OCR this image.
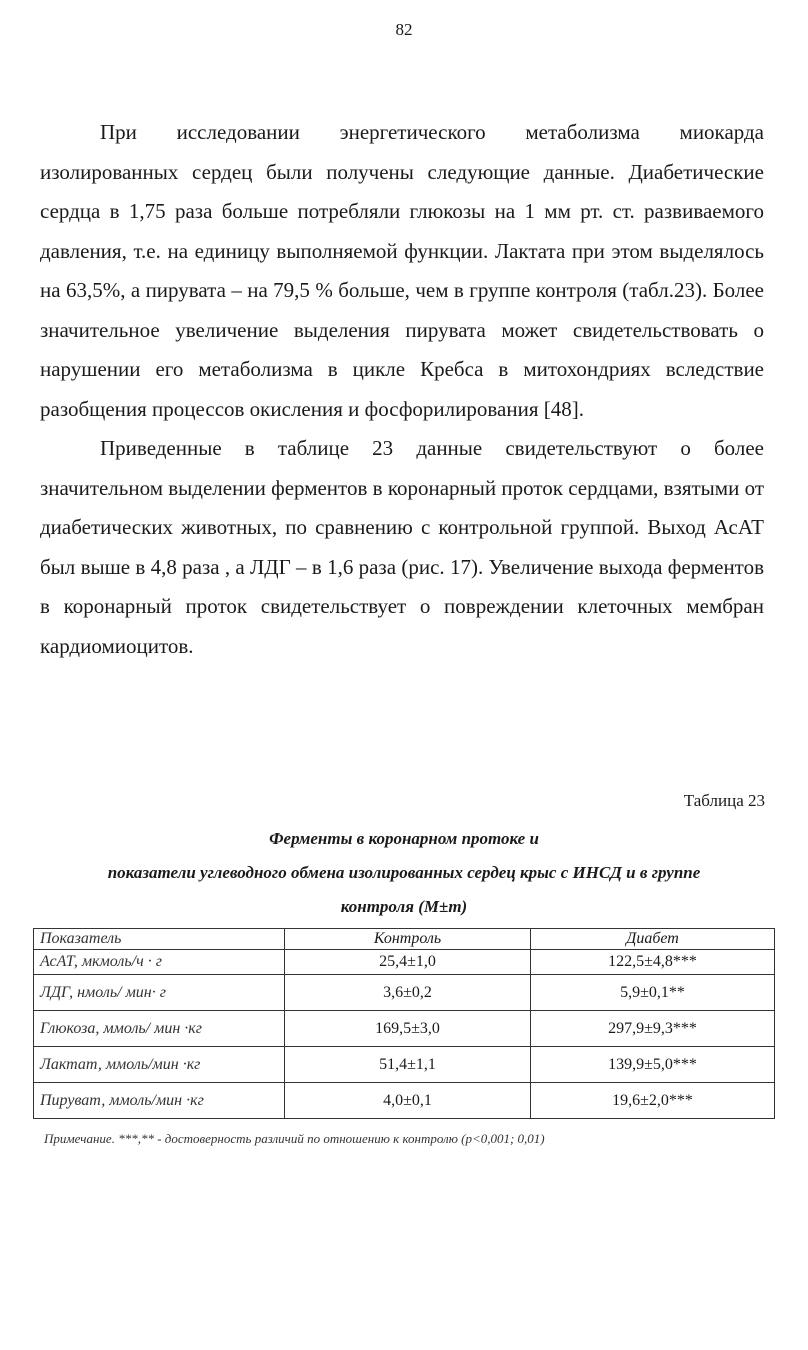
82

При исследовании энергетического метаболизма миокарда изолированных сердец были получены следующие данные. Диабетические сердца в 1,75 раза больше потребляли глюкозы на 1 мм рт. ст. развиваемого давления, т.е. на единицу выполняемой функции. Лактата при этом выделялось на 63,5%, а пирувата – на 79,5 % больше, чем в группе контроля (табл.23). Более значительное увеличение выделения пирувата может свидетельствовать о нарушении его метаболизма в цикле Кребса в митохондриях вследствие разобщения процессов окисления и фосфорилирования [48].

Приведенные в таблице 23 данные свидетельствуют о более значительном выделении ферментов в коронарный проток сердцами, взятыми от диабетических животных, по сравнению с контрольной группой. Выход АсАТ был выше в 4,8 раза , а ЛДГ – в 1,6 раза (рис. 17). Увеличение выхода ферментов в коронарный проток свидетельствует о повреждении клеточных мембран кардиомиоцитов.

Таблица 23
Ферменты в коронарном протоке и
показатели углеводного обмена изолированных сердец крыс с ИНСД и в группе
контроля (М±m)
Показатель	Контроль	Диабет
АсАТ, мкмоль/ч · г	25,4±1,0	122,5±4,8***
ЛДГ, нмоль/ мин· г	3,6±0,2	5,9±0,1**
Глюкоза, ммоль/ мин ·кг	169,5±3,0	297,9±9,3***
Лактат, ммоль/мин ·кг	51,4±1,1	139,9±5,0***
Пируват, ммоль/мин ·кг	4,0±0,1	19,6±2,0***
Примечание. ***,** - достоверность различий по отношению к контролю (р<0,001; 0,01)
